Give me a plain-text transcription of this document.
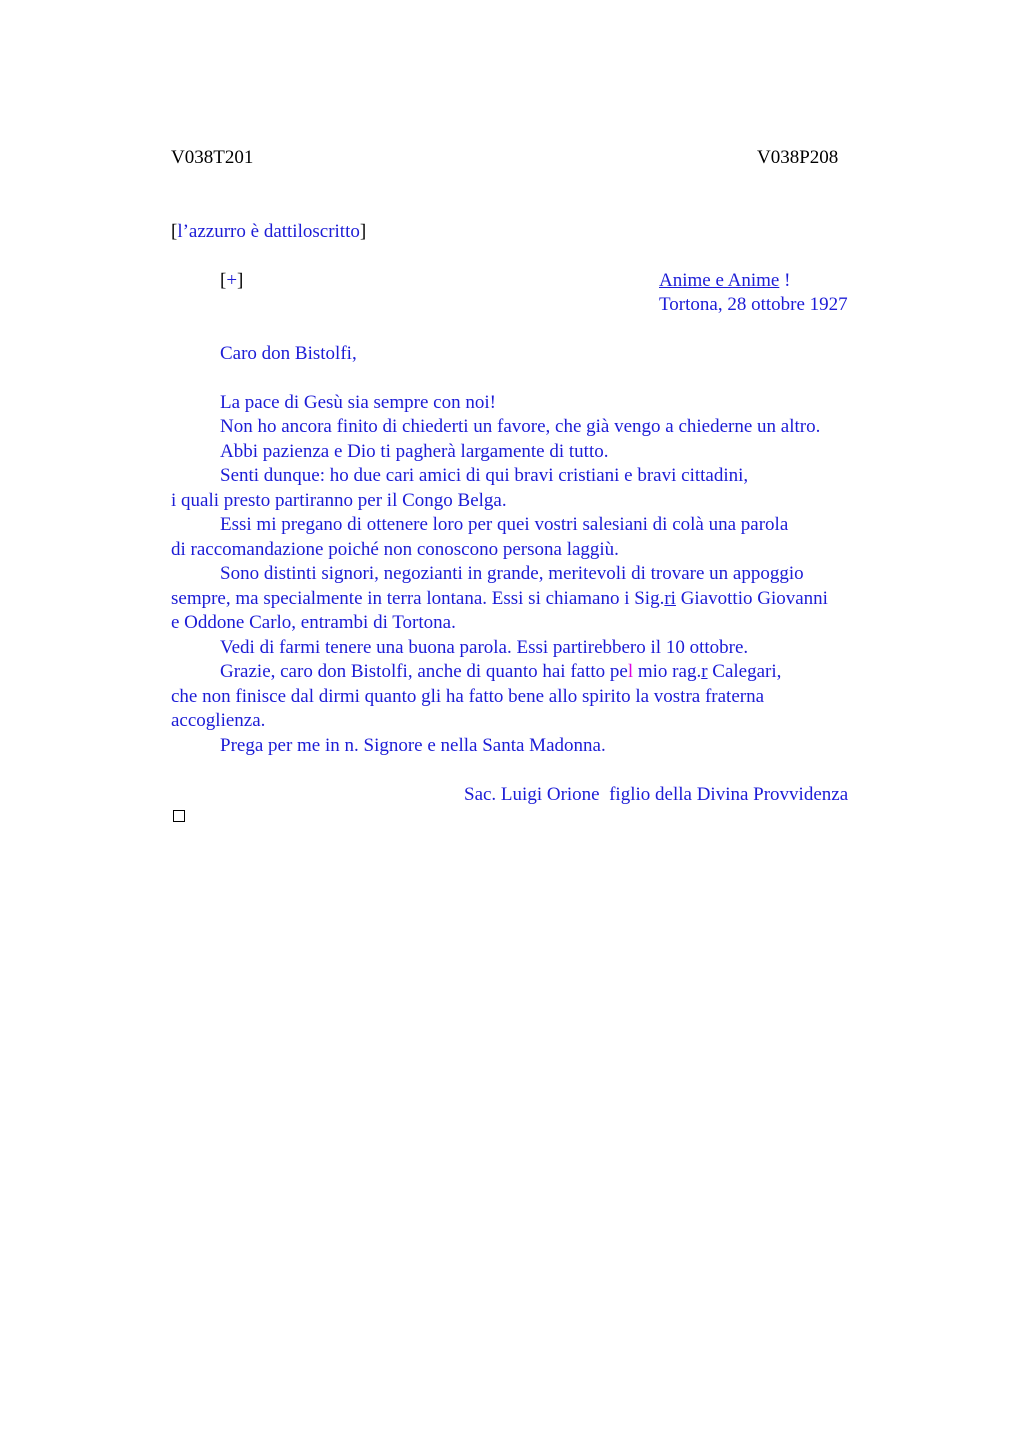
V038T201	V038P208
[l’azzurro è dattiloscritto]
[+]	Anime e Anime !
Tortona, 28 ottobre 1927
Caro don Bistolfi,
La pace di Gesù sia sempre con noi!
Non ho ancora finito di chiederti un favore, che già vengo a chiederne un altro.
Abbi pazienza e Dio ti pagherà largamente di tutto.
Senti dunque: ho due cari amici di qui bravi cristiani e bravi cittadini,
i quali presto partiranno per il Congo Belga.
Essi mi pregano di ottenere loro per quei vostri salesiani di colà una parola
di raccomandazione poiché non conoscono persona laggiù.
Sono distinti signori, negozianti in grande, meritevoli di trovare un appoggio
sempre, ma specialmente in terra lontana. Essi si chiamano i Sig.ri Giavottio Giovanni
e Oddone Carlo, entrambi di Tortona.
Vedi di farmi tenere una buona parola. Essi partirebbero il 10 ottobre.
Grazie, caro don Bistolfi, anche di quanto hai fatto pel mio rag.r Calegari,
che non finisce dal dirmi quanto gli ha fatto bene allo spirito la vostra fraterna
accoglienza.
Prega per me in n. Signore e nella Santa Madonna.
Sac. Luigi Orione  figlio della Divina Provvidenza
